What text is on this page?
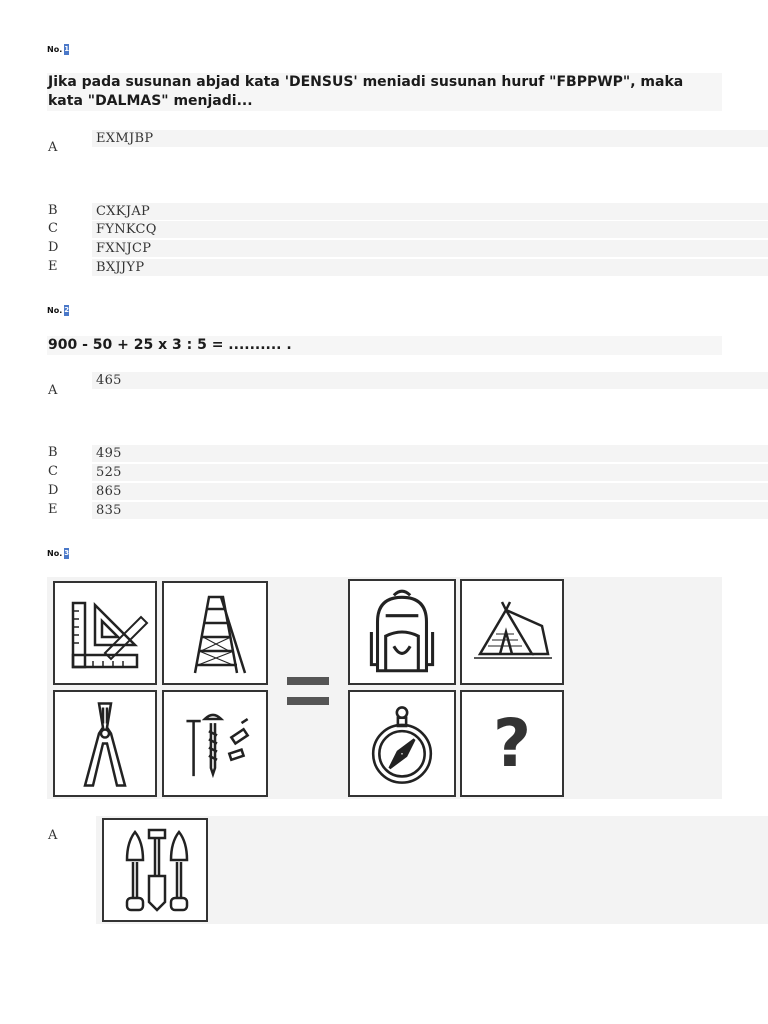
No. 1
Jika pada susunan abjad kata 'DENSUS' meniadi susunan huruf "FBPPWP", maka kata "DALMAS" menjadi...
EXMJBP
A
CXKJAP
B
FYNKCQ
C
FXNJCP
D
BXJJYP
E
No. 2
900 - 50 + 25 x 3 : 5 = .......... .
465
A
495
B
525
C
865
D
835
E
No. 3
?
A
